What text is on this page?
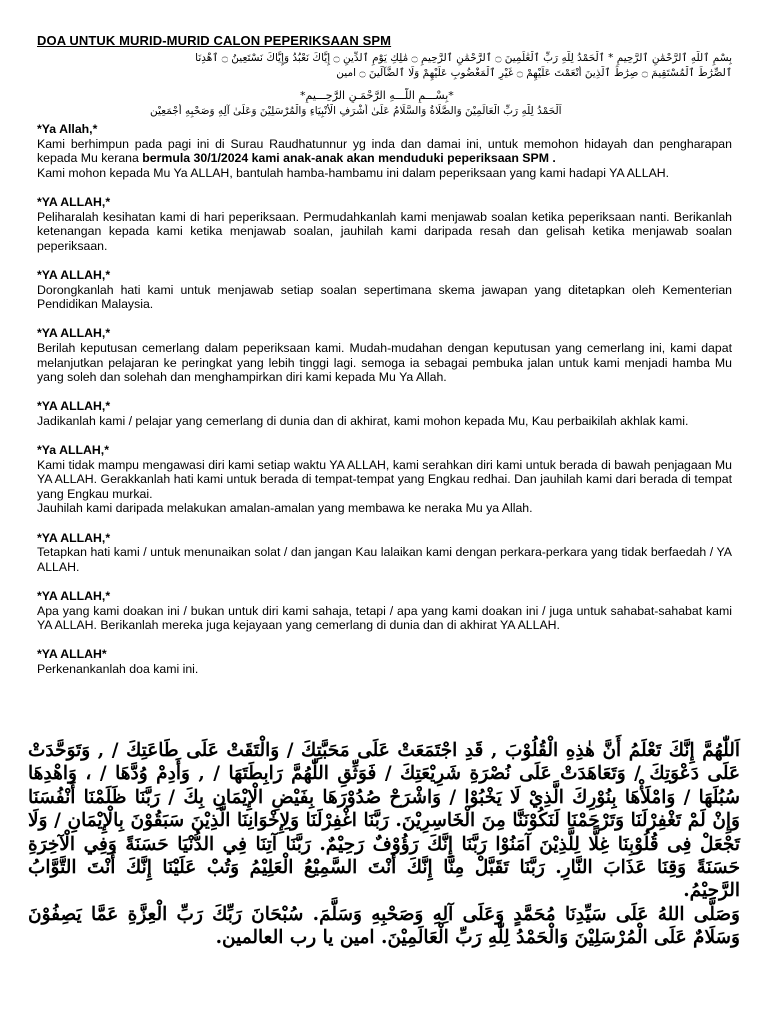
DOA UNTUK MURID-MURID CALON PEPERIKSAAN SPM
بِسْمِ ٱللَّهِ ٱلرَّحْمَٰنِ ٱلرَّحِيمِ * ٱلْحَمْدُ لِلَّهِ رَبِّ ٱلْعَٰلَمِينَ ۝ ٱلرَّحْمَٰنِ ٱلرَّحِيمِ ۝ مَٰلِكِ يَوْمِ ٱلدِّينِ ۝ إِيَّاكَ نَعْبُدُ وَإِيَّاكَ نَسْتَعِينُ ۝ ٱهْدِنَا
ٱلصِّرَٰطَ ٱلْمُسْتَقِيمَ ۝ صِرَٰطَ ٱلَّذِينَ أَنْعَمْتَ عَلَيْهِمْ ۝ غَيْرِ ٱلْمَغْضُوبِ عَلَيْهِمْ وَلَا ٱلضَّآلِّينَ ۝ امين
*بِسْـــمِ اللّـــهِ الرَّحْمَـنِ الرَّحِـــيمِ*
اَلْحَمْدُ لِلّٰهِ رَبِّ الْعَالَمِيْنَ وَالصَّلَاةُ وَالسَّلَامُ عَلَىٰ أَشْرَفِ الْأَنْبِيَاءِ وَالْمُرْسَلِيْنَ وَعَلَىٰ آلِهِ وَصَحْبِهِ أَجْمَعِيْن
*Ya Allah,*
Kami berhimpun pada pagi ini di Surau Raudhatunnur yg inda dan damai ini, untuk memohon hidayah dan pengharapan kepada Mu kerana bermula 30/1/2024 kami anak-anak akan menduduki peperiksaan SPM .
Kami mohon kepada Mu Ya ALLAH, bantulah hamba-hambamu ini dalam peperiksaan yang kami hadapi YA ALLAH.
*YA ALLAH,*
Peliharalah kesihatan kami di hari peperiksaan. Permudahkanlah kami menjawab soalan ketika peperiksaan nanti. Berikanlah ketenangan kepada kami ketika menjawab soalan, jauhilah kami daripada resah dan gelisah ketika menjawab soalan peperiksaan.
*YA ALLAH,*
Dorongkanlah hati kami untuk menjawab setiap soalan sepertimana skema jawapan yang ditetapkan oleh Kementerian Pendidikan Malaysia.
*YA ALLAH,*
Berilah keputusan cemerlang dalam peperiksaan kami. Mudah-mudahan dengan keputusan yang cemerlang ini, kami dapat melanjutkan pelajaran ke peringkat yang lebih tinggi lagi. semoga ia sebagai pembuka jalan untuk kami menjadi hamba Mu yang soleh dan solehah dan menghampirkan diri kami kepada Mu Ya Allah.
*YA ALLAH,*
Jadikanlah kami / pelajar yang cemerlang di dunia dan di akhirat, kami mohon kepada Mu, Kau perbaikilah akhlak kami.
*Ya ALLAH,*
Kami tidak mampu mengawasi diri kami setiap waktu YA ALLAH, kami serahkan diri kami untuk berada di bawah penjagaan Mu YA ALLAH. Gerakkanlah hati kami untuk berada di tempat-tempat yang Engkau redhai. Dan jauhilah kami dari berada di tempat yang Engkau murkai.
Jauhilah kami daripada melakukan amalan-amalan yang membawa ke neraka Mu ya Allah.
*YA ALLAH,*
Tetapkan hati kami / untuk menunaikan solat / dan jangan Kau lalaikan kami dengan perkara-perkara yang tidak berfaedah / YA ALLAH.
*YA ALLAH,*
Apa yang kami doakan ini / bukan untuk diri kami sahaja, tetapi / apa yang kami doakan ini / juga untuk sahabat-sahabat kami YA ALLAH. Berikanlah mereka juga kejayaan yang cemerlang di dunia dan di akhirat YA ALLAH.
*YA ALLAH*
Perkenankanlah doa kami ini.

اَللّٰهُمَّ إِنَّكَ تَعْلَمُ أَنَّ هٰذِهِ الْقُلُوْبَ , قَدِ اجْتَمَعَتْ عَلَى مَحَبَّتِكَ / وَالْتَقَتْ عَلَى طَاعَتِكَ / , وَتَوَحَّدَتْ عَلَى دَعْوَتِكَ / وَتَعَاهَدَتْ عَلَى نُصْرَةِ شَرِيْعَتِكَ / فَوَثِّقِ اللّٰهُمَّ رَابِطَتَهَا / , وَأَدِمْ وُدَّهَا / ، وَاهْدِهَا سُبُلَهَا / وَامْلَأْهَا بِنُوْرِكَ الَّذِيْ لَا يَخْبُوْا / وَاشْرَحْ صُدُوْرَهَا بِفَيْضِ الْإِيْمَانِ بِكَ / رَبَّنَا ظَلَمْنَا أَنْفُسَنَا وَإِنْ لَمْ تَغْفِرْلَنَا وَتَرْحَمْنَا لَنَكُوْنَنَّا مِنَ الْخَاسِرِيْنَ. رَبَّنَا اغْفِرْلَنَا وَلِإِخْوَانِنَا الَّذِيْنَ سَبَقُوْنَ بِالْإِيْمَانِ / وَلَا تَجْعَلْ فِى قُلُوْبِنَا غِلًّا لِلَّذِيْنَ آمَنُوْا رَبَّنَا إِنَّكَ رَؤُوْفٌ رَحِيْمٌ. رَبَّنَا آتِنَا فِي الدُّنْيَا حَسَنَةً وَفِي الْآخِرَةِ حَسَنَةً وَقِنَا عَذَابَ النَّارِ. رَبَّنَا تَقَبَّلْ مِنَّا إِنَّكَ أَنْتَ السَّمِيْعُ الْعَلِيْمُ وَتُبْ عَلَيْنَا إِنَّكَ أَنْتَ التَّوَّابُ الرَّحِيْمُ.

وَصَلَّى اللهُ عَلَى سَيِّدِنَا مُحَمَّدٍ وَعَلَى آلِهِ وَصَحْبِهِ وَسَلَّمَ. سُبْحَانَ رَبِّكَ رَبِّ الْعِزَّةِ عَمَّا يَصِفُوْنَ وَسَلَامٌ عَلَى الْمُرْسَلِيْنَ وَالْحَمْدُ لِلّٰهِ رَبِّ الْعَالَمِيْنَ. امين يا رب العالمين.
